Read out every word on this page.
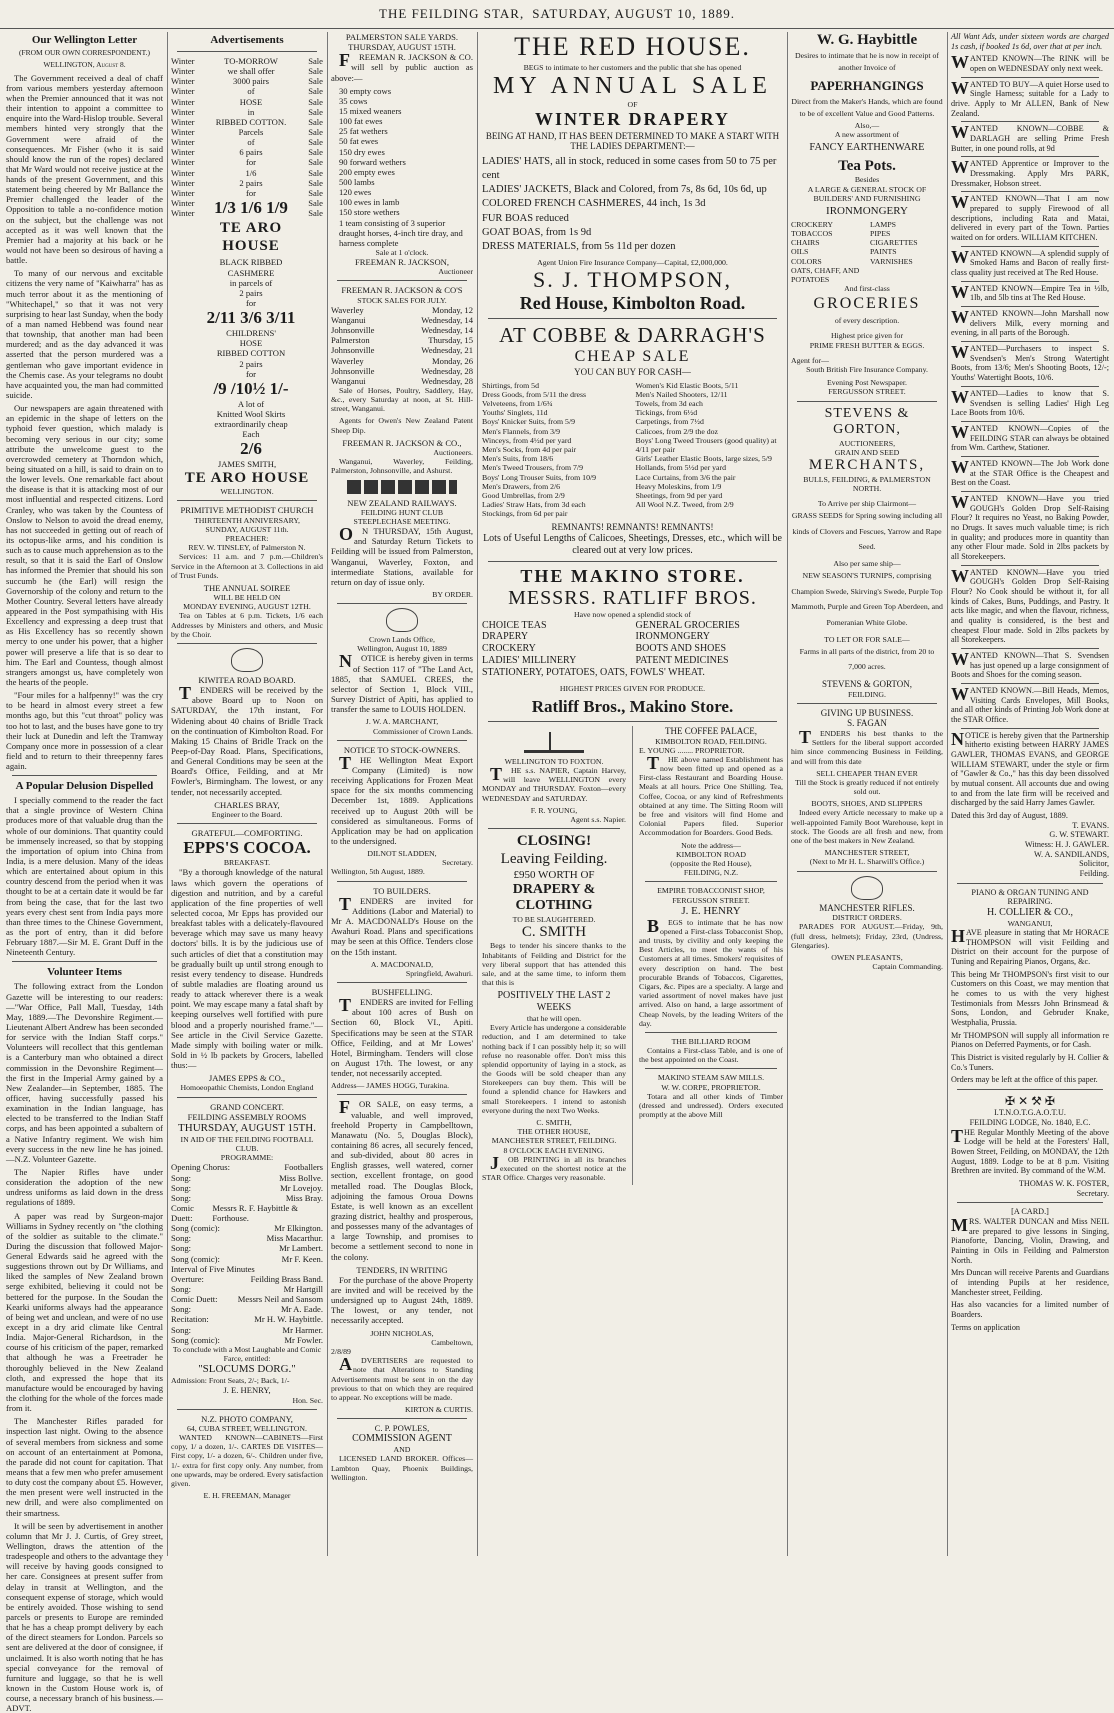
THE FEILDING STAR, SATURDAY, AUGUST 10, 1889.
Our Wellington Letter
(FROM OUR OWN CORRESPONDENT.)
WELLINGTON, August 8.

The Government received a deal of chaff from various members yesterday afternoon when the Premier announced that it was not their intention to appoint a committee to enquire into the Ward-Hislop trouble. Several members hinted very strongly that the Government were afraid of the consequences. Mr Fisher (who it is said should know the run of the ropes) declared that Mr Ward would not receive justice at the hands of the present Government, and this statement being cheered by Mr Ballance the Premier challenged the leader of the Opposition to table a no-confidence motion on the subject, but the challenge was not accepted as it was well known that the Premier had a majority at his back or he would not have been so desirous of having a battle.

To many of our nervous and excitable citizens the very name of "Kaiwharra" has as much terror about it as the mentioning of "Whitechapel," so that it was not very surprising to hear last Sunday, when the body of a man named Hebbend was found near that township, that another man had been murdered; and as the day advanced it was asserted that the person murdered was a gentleman who gave important evidence in the Chemis case. As your telegrams no doubt have acquainted you, the man had committed suicide.

Our newspapers are again threatened with an epidemic in the shape of letters on the typhoid fever question, which malady is becoming very serious in our city; some attribute the unwelcome guest to the overcrowded cemetery at Thorndon which, being situated on a hill, is said to drain on to the lower levels. One remarkable fact about the disease is that it is attacking most of our most influential and respected citizens. Lord Cranley, who was taken by the Countess of Onslow to Nelson to avoid the dread enemy, has not succeeded in getting out of reach of its octopus-like arms, and his condition is such as to cause much apprehension as to the result, so that it is said the Earl of Onslow has informed the Premier that should his son succumb he (the Earl) will resign the Governorship of the colony and return to the Mother Country. Several letters have already appeared in the Post sympathising with His Excellency and expressing a deep trust that as His Excellency has so recently shown mercy to one under his power, that a higher power will preserve a life that is so dear to him. The Earl and Countess, though almost strangers amongst us, have completely won the hearts of the people.

"Four miles for a halfpenny!" was the cry to be heard in almost every street a few months ago, but this "cut throat" policy was too hot to last, and the buses have gone to try their luck at Dunedin and left the Tramway Company once more in possession of a clear field and to return to their threepenny fares again.

A Popular Delusion Dispelled

I specially commend to the reader the fact that a single province of Western China produces more of that valuable drug than the whole of our dominions. That quantity could be immensely increased, so that by stopping the importation of opium into China from India, is a mere delusion. Many of the ideas which are entertained about opium in this country descend from the period when it was thought to be at a certain date it would be far from being the case, that for the last two years every chest sent from India pays more than three times to the Chinese Government, as the port of entry, than it did before February 1887.—Sir M. E. Grant Duff in the Nineteenth Century.

Volunteer Items

The following extract from the London Gazette will be interesting to our readers:—"War Office, Pall Mall, Tuesday, 14th May, 1889.—The Devonshire Regiment.—Lieutenant Albert Andrew has been seconded for service with the Indian Staff corps." Volunteers will recollect that this gentleman is a Canterbury man who obtained a direct commission in the Devonshire Regiment—the first in the Imperial Army gained by a New Zealander—in September, 1885. The officer, having successfully passed his examination in the Indian language, has elected to be transferred to the Indian Staff corps, and has been appointed a subaltern of a Native Infantry regiment. We wish him every success in the new line he has joined.—N.Z. Volunteer Gazette.

The Napier Rifles have under consideration the adoption of the new undress uniforms as laid down in the dress regulations of 1889.

A paper was read by Surgeon-major Williams in Sydney recently on "the clothing of the soldier as suitable to the climate." During the discussion that followed Major-General Edwards said he agreed with the suggestions thrown out by Dr Williams, and liked the samples of New Zealand brown serge exhibited, believing it could not be bettered for the purpose. In the Soudan the Kearki uniforms always had the appearance of being wet and unclean, and were of no use except in a dry arid climate like Central India. Major-General Richardson, in the course of his criticism of the paper, remarked that although he was a Freetrader he thoroughly believed in the New Zealand cloth, and expressed the hope that its manufacture would be encouraged by having the clothing for the whole of the forces made from it.

The Manchester Rifles paraded for inspection last night. Owing to the absence of several members from sickness and some on account of an entertainment at Pomona, the parade did not count for capitation. That means that a few men who prefer amusement to duty cost the company about £5. However, the men present were well instructed in the new drill, and were also complimented on their smartness.

It will be seen by advertisement in another column that Mr J. J. Curtis, of Grey street, Wellington, draws the attention of the tradespeople and others to the advantage they will receive by having goods consigned to her care. Consignees at present suffer from delay in transit at Wellington, and the consequent expense of storage, which would be entirely avoided. Those wishing to send parcels or presents to Europe are reminded that he has a cheap prompt delivery by each of the direct steamers for London. Parcels so sent are delivered at the door of consignee, if unclaimed. It is also worth noting that he has special conveyance for the removal of furniture and luggage, so that he is well known in the Custom House work is, of course, a necessary branch of his business.—ADVT.

Advertisements
Winter
Winter
Winter
Winter
Winter
Winter
Winter
Winter
Winter
Winter
Winter
Winter
Winter
Winter
Winter
Winter
TO-MORROW
we shall offer
3000 pairs
of
HOSE
in
RIBBED COTTON.
Parcels
of
6 pairs
for
1/6
2 pairs
for
1/3 1/6 1/9
TE ARO HOUSE
BLACK RIBBED
CASHMERE
in parcels of
2 pairs
for
2/11 3/6 3/11
CHILDRENS'
HOSE
RIBBED COTTON
2 pairs
for
/9 /10½ 1/-
A lot of
Knitted Wool Skirts
extraordinarily cheap
Each
2/6
Sale
Sale
Sale
Sale
Sale
Sale
Sale
Sale
Sale
Sale
Sale
Sale
Sale
Sale
Sale
Sale
JAMES SMITH,
TE ARO HOUSE
WELLINGTON.
PRIMITIVE METHODIST CHURCH
THIRTEENTH ANNIVERSARY,
SUNDAY, AUGUST 11th.
PREACHER:
REV. W. TINSLEY, of Palmerston N.

Services: 11 a.m. and 7 p.m.—Children's Service in the Afternoon at 3. Collections in aid of Trust Funds.

THE ANNUAL SOIREE
WILL BE HELD ON
MONDAY EVENING, AUGUST 12TH.

Tea on Tables at 6 p.m. Tickets, 1/6 each Addresses by Ministers and others, and Music by the Choir.

KIWITEA ROAD BOARD.

TENDERS will be received by the above Board up to Noon on SATURDAY, the 17th instant, For Widening about 40 chains of Bridle Track on the continuation of Kimbolton Road. For Making 15 Chains of Bridle Track on the Peep-of-Day Road. Plans, Specifications, and General Conditions may be seen at the Board's Office, Feilding, and at Mr Fowler's, Birmingham. The lowest, or any tender, not necessarily accepted.

CHARLES BRAY,
Engineer to the Board.
GRATEFUL—COMFORTING.
EPPS'S COCOA.
BREAKFAST.

"By a thorough knowledge of the natural laws which govern the operations of digestion and nutrition, and by a careful application of the fine properties of well selected cocoa, Mr Epps has provided our breakfast tables with a delicately-flavoured beverage which may save us many heavy doctors' bills. It is by the judicious use of such articles of diet that a constitution may be gradually built up until strong enough to resist every tendency to disease. Hundreds of subtle maladies are floating around us ready to attack wherever there is a weak point. We may escape many a fatal shaft by keeping ourselves well fortified with pure blood and a properly nourished frame."—See article in the Civil Service Gazette. Made simply with boiling water or milk. Sold in ½ lb packets by Grocers, labelled thus:—

JAMES EPPS & CO.,
Homoeopathic Chemists, London England
GRAND CONCERT.
FEILDING ASSEMBLY ROOMS
THURSDAY, AUGUST 15TH.
IN AID OF THE FEILDING FOOTBALL CLUB.
PROGRAMME:
Opening Chorus:	Footballers
Song:	Miss Bollve.
Song:	Mr Lovejoy.
Song:	Miss Bray.
Comic Duett:
Messrs R. F. Haybittle & Forthouse.
Song (comic):	Mr Elkington.
Song:	Miss Macarthur.
Song:	Mr Lambert.
Song (comic):	Mr F. Keen.
Interval of Five Minutes
Overture:	Feilding Brass Band.
Song:	Mr Hartgill
Comic Duett: Messrs Neil and Sansom
Song:	Mr A. Eade.
Recitation:	Mr H. W. Haybittle.
Song:	Mr Harmer.
Song (comic):	Mr Fowler.
To conclude with a Most Laughable and Comic Farce, entitled:
"SLOCUMS DORG."
Admission: Front Seats, 2/-; Back, 1/-
J. E. HENRY,
Hon. Sec.
N.Z. PHOTO COMPANY,
64, CUBA STREET, WELLINGTON.

WANTED KNOWN—CABINETS—First copy, 1/ a dozen, 1/-. CARTES DE VISITES—First copy, 1/- a dozen, 6/-. Children under five, 1/- extra for first copy only. Any number, from one upwards, may be ordered. Every satisfaction given.

E. H. FREEMAN, Manager
PALMERSTON SALE YARDS.
THURSDAY, AUGUST 15TH.

FREEMAN R. JACKSON & CO. will sell by public auction as above:—

30 empty cows
35 cows
15 mixed weaners
100 fat ewes
25 fat wethers
50 fat ewes
150 dry ewes
90 forward wethers
200 empty ewes
500 lambs
120 ewes
100 ewes in lamb
150 store wethers
1 team consisting of 3 superior draught horses, 4-inch tire dray, and harness complete
Sale at 1 o'clock.
FREEMAN R. JACKSON,
Auctioneer
FREEMAN R. JACKSON & CO'S
STOCK SALES FOR JULY.
Waverley	Monday, 12
Wanganui	Wednesday, 14
Johnsonville	Wednesday, 14
Palmerston	Thursday, 15
Johnsonville	Wednesday, 21
Waverley	Monday, 26
Johnsonville	Wednesday, 28
Wanganui	Wednesday, 28

Sale of Horses, Poultry, Saddlery, Hay, &c., every Saturday at noon, at St. Hill-street, Wanganui.

Agents for Owen's New Zealand Patent Sheep Dip.

FREEMAN R. JACKSON & CO.,
Auctioneers.

Wanganui, Waverley, Feilding, Palmerston, Johnsonville, and Ashurst.

NEW ZEALAND RAILWAYS.
FEILDING HUNT CLUB STEEPLECHASE MEETING.

ON THURSDAY, 15th August, and Saturday Return Tickets to Feilding will be issued from Palmerston, Wanganui, Waverley, Foxton, and intermediate Stations, available for return on day of issue only.

BY ORDER.
Crown Lands Office,
Wellington, August 10, 1889

NOTICE is hereby given in terms of Section 117 of "The Land Act, 1885, that SAMUEL CREES, the selector of Section 1, Block VIII., Survey District of Apiti, has applied to transfer the same to LOUIS HOLDEN.

J. W. A. MARCHANT,
Commissioner of Crown Lands.
NOTICE TO STOCK-OWNERS.

THE Wellington Meat Export Company (Limited) is now receiving Applications for Frozen Meat space for the six months commencing December 1st, 1889. Applications received up to August 20th will be considered as simultaneous. Forms of Application may be had on application to the undersigned.

DILNOT SLADDEN,
Secretary.
Wellington, 5th August, 1889.
TO BUILDERS.

TENDERS are invited for Additions (Labor and Material) to Mr A. MACDONALD's House on the Awahuri Road. Plans and specifications may be seen at this Office. Tenders close on the 15th instant.

A. MACDONALD,
Springfield, Awahuri.
BUSHFELLING.

TENDERS are invited for Felling about 100 acres of Bush on Section 60, Block VI., Apiti. Specifications may be seen at the STAR Office, Feilding, and at Mr Lowes' Hotel, Birmingham. Tenders will close on August 17th. The lowest, or any tender, not necessarily accepted.

Address— JAMES HOGG, Turakina.

FOR SALE, on easy terms, a valuable, and well improved, freehold Property in Campbelltown, Manawatu (No. 5, Douglas Block), containing 86 acres, all securely fenced, and sub-divided, about 80 acres in English grasses, well watered, corner section, excellent frontage, on good metalled road. The Douglas Block, adjoining the famous Oroua Downs Estate, is well known as an excellent grazing district, healthy and prosperous, and possesses many of the advantages of a large Township, and promises to become a settlement second to none in the colony.

TENDERS, IN WRITING

For the purchase of the above Property are invited and will be received by the undersigned up to August 24th, 1889. The lowest, or any tender, not necessarily accepted.

JOHN NICHOLAS,
Cambeltown,
2/8/89

ADVERTISERS are requested to note that Alterations to Standing Advertisements must be sent in on the day previous to that on which they are required to appear. No exceptions will be made.

KIRTON & CURTIS.
C. P. POWLES,
COMMISSION AGENT
AND

LICENSED LAND BROKER. Offices—Lambton Quay, Phoenix Buildings, Wellington.

THE RED HOUSE.
BEGS to intimate to her customers and the public that she has opened
MY ANNUAL SALE
OF
WINTER DRAPERY
BEING AT HAND, IT HAS BEEN DETERMINED TO MAKE A START WITH THE LADIES DEPARTMENT:—
LADIES' HATS, all in stock, reduced in some cases from 50 to 75 per cent
LADIES' JACKETS, Black and Colored, from 7s, 8s 6d, 10s 6d, up
COLORED FRENCH CASHMERES, 44 inch, 1s 3d
FUR BOAS reduced
GOAT BOAS, from 1s 9d
DRESS MATERIALS, from 5s 11d per dozen
Agent Union Fire Insurance Company—Capital, £2,000,000.
S. J. THOMPSON,
Red House, Kimbolton Road.
AT COBBE & DARRAGH'S
CHEAP SALE
YOU CAN BUY FOR CASH—
Shirtings, from 5d
Dress Goods, from 5/11 the dress
Velveteens, from 1/6¾
Youths' Singlets, 11d
Boys' Knicker Suits, from 5/9
Men's Flannels, from 3/9
Winceys, from 4½d per yard
Men's Socks, from 4d per pair
Men's Suits, from 18/6
Men's Tweed Trousers, from 7/9
Boys' Long Trouser Suits, from 10/9
Men's Drawers, from 2/6
Good Umbrellas, from 2/9
Ladies' Straw Hats, from 3d each
Stockings, from 6d per pair
Women's Kid Elastic Boots, 5/11
Men's Nailed Shooters, 12/11
Towels, from 3d each
Tickings, from 6½d
Carpetings, from 7½d
Calicoes, from 2/9 the doz
Boys' Long Tweed Trousers (good quality) at 4/11 per pair
Girls' Leather Elastic Boots, large sizes, 5/9
Hollands, from 5½d per yard
Lace Curtains, from 3/6 the pair
Heavy Moleskins, from 1/9
Sheetings, from 9d per yard
All Wool N.Z. Tweed, from 2/9
REMNANTS! REMNANTS! REMNANTS!
Lots of Useful Lengths of Calicoes, Sheetings, Dresses, etc., which will be cleared out at very low prices.
THE MAKINO STORE.
MESSRS. RATLIFF BROS.
Have now opened a splendid stock of
CHOICE TEAS
DRAPERY
CROCKERY
LADIES' MILLINERY
GENERAL GROCERIES
IRONMONGERY
BOOTS AND SHOES
PATENT MEDICINES
STATIONERY, POTATOES, OATS, FOWLS' WHEAT.
HIGHEST PRICES GIVEN FOR PRODUCE.
Ratliff Bros., Makino Store.
WELLINGTON TO FOXTON.

THE s.s. NAPIER, Captain Harvey, will leave WELLINGTON every MONDAY and THURSDAY. Foxton—every WEDNESDAY and SATURDAY.

F. R. YOUNG,
Agent s.s. Napier.
CLOSING!
Leaving Feilding.
£950 WORTH OF
DRAPERY & CLOTHING
TO BE SLAUGHTERED.
C. SMITH

Begs to tender his sincere thanks to the Inhabitants of Feilding and District for the very liberal support that has attended this sale, and at the same time, to inform them that this is

POSITIVELY THE LAST 2 WEEKS
that he will open.

Every Article has undergone a considerable reduction, and I am determined to take nothing back if I can possibly help it; so will refuse no reasonable offer. Don't miss this splendid opportunity of laying in a stock, as the Goods will be sold cheaper than any Storekeepers can buy them. This will be found a splendid chance for Hawkers and small Storekeepers. I intend to astonish everyone during the next Two Weeks.

C. SMITH,
THE OTHER HOUSE,
MANCHESTER STREET, FEILDING.
8 O'CLOCK EACH EVENING.

JOB PRINTING in all its branches executed on the shortest notice at the STAR Office. Charges very reasonable.

THE COFFEE PALACE,
KIMBOLTON ROAD, FEILDING.
E. YOUNG ........ PROPRIETOR.

THE above named Establishment has now been fitted up and opened as a First-class Restaurant and Boarding House. Meals at all hours. Price One Shilling. Tea, Coffee, Cocoa, or any kind of Refreshments obtained at any time. The Sitting Room will be free and visitors will find Home and Colonial Papers filed. Superior Accommodation for Boarders. Good Beds.

Note the address—
KIMBOLTON ROAD
(opposite the Red House),
FEILDING, N.Z.
EMPIRE TOBACCONIST SHOP,
FERGUSSON STREET.
J. E. HENRY

BEGS to intimate that he has now opened a First-class Tobacconist Shop, and trusts, by civility and only keeping the Best Articles, to meet the wants of his Customers at all times. Smokers' requisites of every description on hand. The best procurable Brands of Tobaccos, Cigarettes, Cigars, &c. Pipes are a specialty. A large and varied assortment of novel makes have just arrived. Also on hand, a large assortment of Cheap Novels, by the leading Writers of the day.

THE BILLIARD ROOM

Contains a First-class Table, and is one of the best appointed on the Coast.

MAKINO STEAM SAW MILLS.
W. W. CORPE, PROPRIETOR.

Totara and all other kinds of Timber (dressed and undressed). Orders executed promptly at the above Mill

W. G. Haybittle
Desires to intimate that he is now in receipt of another Invoice of
PAPERHANGINGS
Direct from the Maker's Hands, which are found to be of excellent Value and Good Patterns.
Also,—
A new assortment of
FANCY EARTHENWARE
Tea Pots.
Besides
A LARGE & GENERAL STOCK OF BUILDERS' AND FURNISHING
IRONMONGERY
CROCKERY
TOBACCOS
CHAIRS
OILS
COLORS
OATS, CHAFF, AND POTATOES
LAMPS
PIPES
CIGARETTES
PAINTS
VARNISHES
And first-class
GROCERIES
of every description.
Highest price given for
PRIME FRESH BUTTER & EGGS.
Agent for—
South British Fire Insurance Company.
Evening Post Newspaper.
FERGUSSON STREET.
STEVENS & GORTON,
AUCTIONEERS,
GRAIN AND SEED
MERCHANTS,
BULLS, FEILDING, & PALMERSTON
NORTH.
To Arrive per ship Clairmont—
GRASS SEEDS for Spring sowing including all kinds of Clovers and Fescues, Yarrow and Rape Seed.
Also per same ship—
NEW SEASON'S TURNIPS, comprising Champion Swede, Skirving's Swede, Purple Top Mammoth, Purple and Green Top Aberdeen, and Pomeranian White Globe.
TO LET OR FOR SALE—
Farms in all parts of the district, from 20 to 7,000 acres.
STEVENS & GORTON,
FEILDING.
GIVING UP BUSINESS.
S. FAGAN

TENDERS his best thanks to the Settlers for the liberal support accorded him since commencing Business in Feilding, and will from this date

SELL CHEAPER THAN EVER
Till the Stock is greatly reduced if not entirely sold out.
BOOTS, SHOES, AND SLIPPERS

Indeed every Article necessary to make up a well-appointed Family Boot Warehouse, kept in stock. The Goods are all fresh and new, from one of the best makers in New Zealand.

MANCHESTER STREET,
(Next to Mr H. L. Sharwill's Office.)
MANCHESTER RIFLES.
DISTRICT ORDERS.

PARADES FOR AUGUST.—Friday, 9th, (full dress, helmets); Friday, 23rd, (Undress, Glengaries).

OWEN PLEASANTS,
Captain Commanding.

All Want Ads, under sixteen words are charged 1s cash, if booked 1s 6d, over that at per inch.

WANTED KNOWN—The RINK will be open on WEDNESDAY only next week.

WANTED TO BUY—A quiet Horse used to Single Harness; suitable for a Lady to drive. Apply to Mr ALLEN, Bank of New Zealand.

WANTED KNOWN—COBBE & DARLAGH are selling Prime Fresh Butter, in one pound rolls, at 9d

WANTED Apprentice or Improver to the Dressmaking. Apply Mrs PARK, Dressmaker, Hobson street.

WANTED KNOWN—That I am now prepared to supply Firewood of all descriptions, including Rata and Matai, delivered in every part of the Town. Parties waited on for orders. WILLIAM KITCHEN.

WANTED KNOWN—A splendid supply of Smoked Hams and Bacon of really first-class quality just received at The Red House.

WANTED KNOWN—Empire Tea in ½lb, 1lb, and 5lb tins at The Red House.

WANTED KNOWN—John Marshall now delivers Milk, every morning and evening, in all parts of the Borough.

WANTED—Purchasers to inspect S. Svendsen's Men's Strong Watertight Boots, from 13/6; Men's Shooting Boots, 12/-; Youths' Watertight Boots, 10/6.

WANTED—Ladies to know that S. Svendsen is selling Ladies' High Leg Lace Boots from 10/6.

WANTED KNOWN—Copies of the FEILDING STAR can always be obtained from Wm. Carthew, Stationer.

WANTED KNOWN—The Job Work done at the STAR Office is the Cheapest and Best on the Coast.

WANTED KNOWN—Have you tried GOUGH's Golden Drop Self-Raising Flour? It requires no Yeast, no Baking Powder, no Drugs. It saves much valuable time; is rich in quality; and produces more in quantity than any other Flour made. Sold in 2lbs packets by all Storekeepers.

WANTED KNOWN—Have you tried GOUGH's Golden Drop Self-Raising Flour? No Cook should be without it, for all kinds of Cakes, Buns, Puddings, and Pastry. It acts like magic, and when the flavour, richness, and quality is considered, is the best and cheapest Flour made. Sold in 2lbs packets by all Storekeepers.

WANTED KNOWN—That S. Svendsen has just opened up a large consignment of Boots and Shoes for the coming season.

WANTED KNOWN.—Bill Heads, Memos, Visiting Cards Envelopes, Mill Books, and all other kinds of Printing Job Work done at the STAR Office.

NOTICE is hereby given that the Partnership hitherto existing between HARRY JAMES GAWLER, THOMAS EVANS, and GEORGE WILLIAM STEWART, under the style or firm of "Gawler & Co.," has this day been dissolved by mutual consent. All accounts due and owing to and from the late firm will be received and discharged by the said Harry James Gawler.

Dated this 3rd day of August, 1889.
T. EVANS.
G. W. STEWART.
Witness: H. J. GAWLER.
W. A. SANDILANDS,
Solicitor,
Feilding.
PIANO & ORGAN TUNING AND REPAIRING.
H. COLLIER & CO.,
WANGANUI,

HAVE pleasure in stating that Mr HORACE THOMPSON will visit Feilding and District on their account for the purpose of Tuning and Repairing Pianos, Organs, &c.

This being Mr THOMPSON's first visit to our Customers on this Coast, we may mention that he comes to us with the very highest Testimonials from Messrs John Brinsmead & Sons, London, and Gebruder Knake, Westphalia, Prussia.

Mr THOMPSON will supply all information re Pianos on Deferred Payments, or for Cash.

This District is visited regularly by H. Collier & Co.'s Tuners.

Orders may be left at the office of this paper.

✠ ✕ ⚒ ✠
I.T.N.O.T.G.A.O.T.U.
FEILDING LODGE, No. 1840, E.C.

THE Regular Monthly Meeting of the above Lodge will be held at the Foresters' Hall, Bowen Street, Feilding, on MONDAY, the 12th August, 1889. Lodge to be at 8 p.m. Visiting Brethren are invited. By command of the W.M.

THOMAS W. K. FOSTER,
Secretary.
[A CARD.]

MRS. WALTER DUNCAN and Miss NEIL are prepared to give lessons in Singing, Pianoforte, Dancing, Violin, Drawing, and Painting in Oils in Feilding and Palmerston North.

Mrs Duncan will receive Parents and Guardians of intending Pupils at her residence, Manchester street, Feilding.

Has also vacancies for a limited number of Boarders.

Terms on application
